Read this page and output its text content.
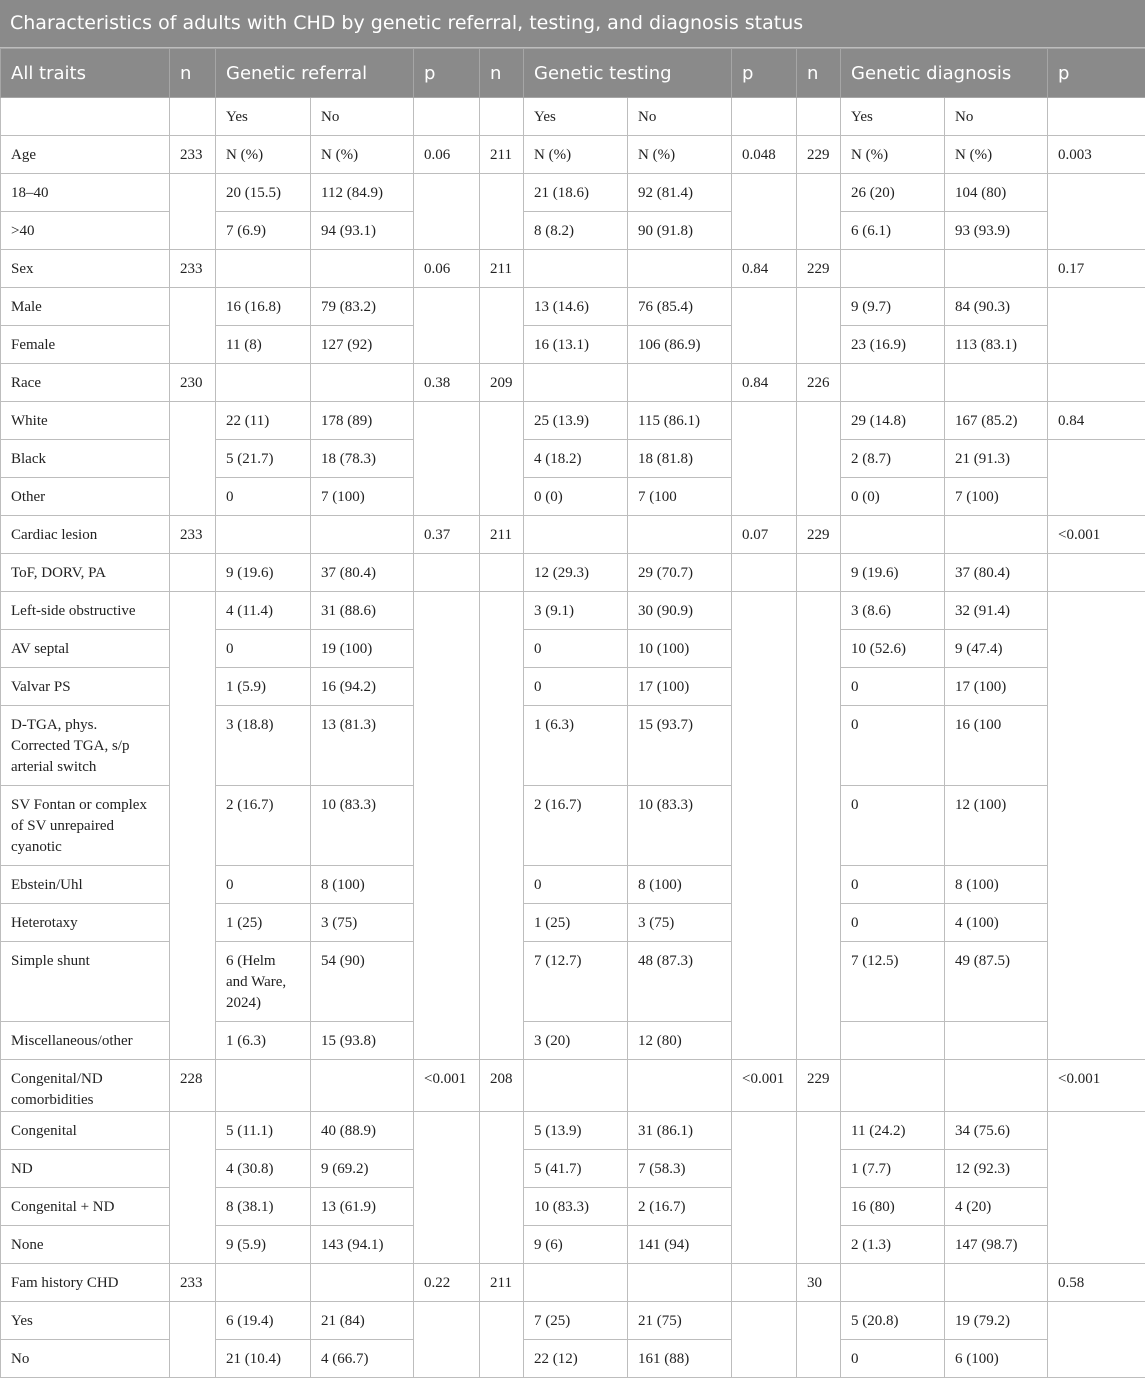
Characteristics of adults with CHD by genetic referral, testing, and diagnosis status
All traits	n	Genetic referral		p	n	Genetic testing		p	n	Genetic diagnosis		p
		Yes	No			Yes	No			Yes	No	
Age	233	N (%)	N (%)	0.06	211	N (%)	N (%)	0.048	229	N (%)	N (%)	0.003
18–40		20 (15.5)	112 (84.9)			21 (18.6)	92 (81.4)			26 (20)	104 (80)	
>40		7 (6.9)	94 (93.1)			8 (8.2)	90 (91.8)			6 (6.1)	93 (93.9)	
Sex	233			0.06	211			0.84	229			0.17
Male		16 (16.8)	79 (83.2)			13 (14.6)	76 (85.4)			9 (9.7)	84 (90.3)	
Female		11 (8)	127 (92)			16 (13.1)	106 (86.9)			23 (16.9)	113 (83.1)	
Race	230			0.38	209			0.84	226			
White		22 (11)	178 (89)			25 (13.9)	115 (86.1)			29 (14.8)	167 (85.2)	0.84
Black		5 (21.7)	18 (78.3)			4 (18.2)	18 (81.8)			2 (8.7)	21 (91.3)	
Other		0	7 (100)			0 (0)	7 (100			0 (0)	7 (100)	
Cardiac lesion	233			0.37	211			0.07	229			<0.001
ToF, DORV, PA		9 (19.6)	37 (80.4)			12 (29.3)	29 (70.7)			9 (19.6)	37 (80.4)	
Left-side obstructive		4 (11.4)	31 (88.6)			3 (9.1)	30 (90.9)			3 (8.6)	32 (91.4)	
AV septal		0	19 (100)			0	10 (100)			10 (52.6)	9 (47.4)	
Valvar PS		1 (5.9)	16 (94.2)			0	17 (100)			0	17 (100)	
D-TGA, phys. Corrected TGA, s/p arterial switch		3 (18.8)	13 (81.3)			1 (6.3)	15 (93.7)			0	16 (100	
SV Fontan or complex of SV unrepaired cyanotic		2 (16.7)	10 (83.3)			2 (16.7)	10 (83.3)			0	12 (100)	
Ebstein/Uhl		0	8 (100)			0	8 (100)			0	8 (100)	
Heterotaxy		1 (25)	3 (75)			1 (25)	3 (75)			0	4 (100)	
Simple shunt		6 (Helm and Ware, 2024)	54 (90)			7 (12.7)	48 (87.3)			7 (12.5)	49 (87.5)	
Miscellaneous/other		1 (6.3)	15 (93.8)			3 (20)	12 (80)					
Congenital/ND comorbidities	228			<0.001	208			<0.001	229			<0.001
Congenital		5 (11.1)	40 (88.9)			5 (13.9)	31 (86.1)			11 (24.2)	34 (75.6)	
ND		4 (30.8)	9 (69.2)			5 (41.7)	7 (58.3)			1 (7.7)	12 (92.3)	
Congenital + ND		8 (38.1)	13 (61.9)			10 (83.3)	2 (16.7)			16 (80)	4 (20)	
None		9 (5.9)	143 (94.1)			9 (6)	141 (94)			2 (1.3)	147 (98.7)	
Fam history CHD	233			0.22	211				30			0.58
Yes		6 (19.4)	21 (84)			7 (25)	21 (75)			5 (20.8)	19 (79.2)	
No		21 (10.4)	4 (66.7)			22 (12)	161 (88)			0	6 (100)	
